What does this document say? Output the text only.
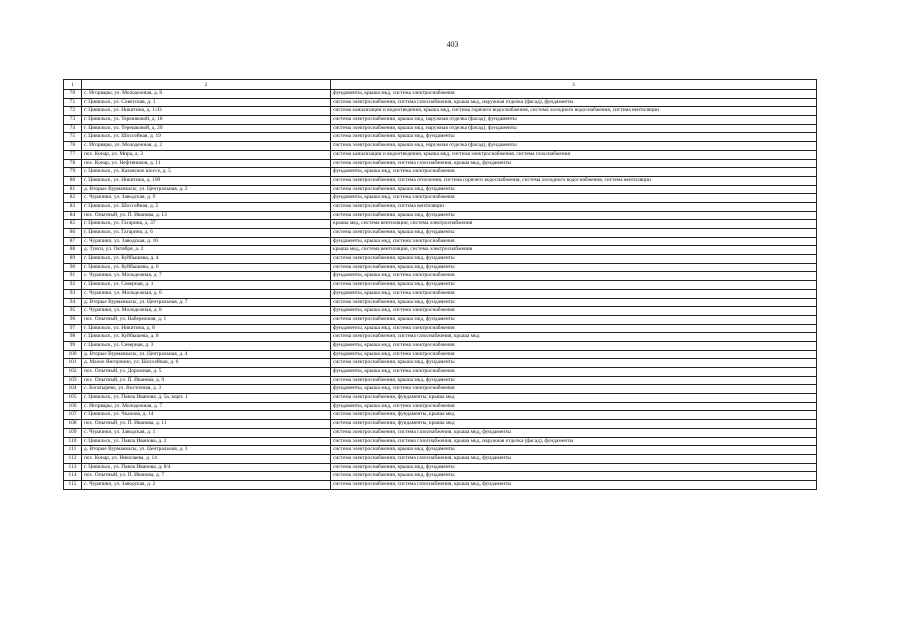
403
1	2	3
70	с. Игорвары, ул. Молодежная, д. 8	фундаменты, крыша мкд, система электроснабжения
71	г. Цивильск, ул. Советская, д. 1	система электроснабжения, система газоснабжения, крыша мкд, наружная отделка (фасад), фундаменты
72	г. Цивильск, ул. Никитина, д. 1/43	система канализации и водоотведения, крыша мкд, система горячего водоснабжения, система холодного водоснабжения, система вентиляции
73	г. Цивильск, ул. Терешковой, д. 18	система электроснабжения, крыша мкд, наружная отделка (фасад), фундаменты
74	г. Цивильск, ул. Терешковой, д. 20	система электроснабжения, крыша мкд, наружная отделка (фасад), фундаменты
75	г. Цивильск, ул. Шоссейная, д. 19	система электроснабжения, крыша мкд, фундаменты
76	с. Игорвары, ул. Молодежная, д. 2	система электроснабжения, крыша мкд, наружная отделка (фасад), фундаменты
77	пос. Конар, ул. Мира, д. 3	система канализации и водоотведения, крыша мкд, система электроснабжения, система газоснабжения
78	пос. Конар, ул. Нефтяников, д. 11	система электроснабжения, система газоснабжения, крыша мкд, фундаменты
79	г. Цивильск, ул. Казанское шоссе, д. 5	фундаменты, крыша мкд, система электроснабжения
80	г. Цивильск, ул. Никитина, д. 100	система электроснабжения, система отопления, система горячего водоснабжения, система холодного водоснабжения, система вентиляции
81	д. Вторые Вурманкасы, ул. Центральная, д. 2	система электроснабжения, крыша мкд, фундаменты
82	с. Чурачики, ул. Заводская, д. 9	фундаменты, крыша мкд, система электроснабжения
83	г. Цивильск, ул. Шоссейная, д. 5	система электроснабжения, система вентиляции
84	пос. Опытный, ул. П. Иванова, д. 13	система электроснабжения, крыша мкд, фундаменты
85	г. Цивильск, ул. Гагарина, д. 37	крыша мкд, система вентиляции, система электроснабжения
86	г. Цивильск, ул. Гагарина, д. 6	система электроснабжения, крыша мкд, фундаменты
87	с. Чурачики, ул. Заводская, д. 10	фундаменты, крыша мкд, система электроснабжения
88	д. Тувси, ул. Октября, д. 2	крыша мкд, система вентиляции, система электроснабжения
89	г. Цивильск, ул. Куйбышева, д. 4	система электроснабжения, крыша мкд, фундаменты
90	г. Цивильск, ул. Куйбышева, д. 6	система электроснабжения, крыша мкд, фундаменты
91	с. Чурачики, ул. Молодежная, д. 7	фундаменты, крыша мкд, система электроснабжения
92	г. Цивильск, ул. Северная, д. 1	система электроснабжения, крыша мкд, фундаменты
93	с. Чурачики, ул. Молодежная, д. 6	фундаменты, крыша мкд, система электроснабжения
94	д. Вторые Вурманкасы, ул. Центральная, д. 7	система электроснабжения, крыша мкд, фундаменты
95	с. Чурачики, ул. Молодежная, д. 8	фундаменты, крыша мкд, система электроснабжения
96	пос. Опытный, ул. Набережная, д. 1	система электроснабжения, крыша мкд, фундаменты
97	г. Цивильск, ул. Никитина, д. 8	фундаменты, крыша мкд, система электроснабжения
98	г. Цивильск, ул. Куйбышева, д. 8	система электроснабжения, система газоснабжения, крыша мкд
99	г. Цивильск, ул. Северная, д. 3	фундаменты, крыша мкд, система электроснабжения
100	д. Вторые Вурманкасы, ул. Центральная, д. 4	фундаменты, крыша мкд, система электроснабжения
101	д. Малое Янгорчино, ул. Шоссейная, д. 6	система электроснабжения, крыша мкд, фундаменты
102	пос. Опытный, ул. Дорожная, д. 5	фундаменты, крыша мкд, система электроснабжения
103	пос. Опытный, ул. П. Иванова, д. 9	система электроснабжения, крыша мкд, фундаменты
104	с. Богатырево, ул. Восточная, д. 3	фундаменты, крыша мкд, система электроснабжения
105	г. Цивильск, ул. Павла Иванова, д. 5а, корп. 1	система электроснабжения, фундаменты, крыша мкд
106	с. Игорвары, ул. Молодежная, д. 7	фундаменты, крыша мкд, система электроснабжения
107	г. Цивильск, ул. Чкалова, д. 14	система электроснабжения, фундаменты, крыша мкд
108	пос. Опытный, ул. П. Иванова, д. 11	система электроснабжения, фундаменты, крыша мкд
109	с. Чурачики, ул. Заводская, д. 1	система электроснабжения, система газоснабжения, крыша мкд, фундаменты
110	г. Цивильск, ул. Павла Иванова, д. 2	система электроснабжения, система газоснабжения, крыша мкд, наружная отделка (фасад), фундаменты
111	д. Вторые Вурманкасы, ул. Центральная, д. 3	система электроснабжения, крыша мкд, фундаменты
112	пос. Конар, ул. Николаева, д. 14	система электроснабжения, система газоснабжения, крыша мкд, фундаменты
113	г. Цивильск, ул. Павла Иванова, д. 8/4	система электроснабжения, крыша мкд, фундаменты
114	пос. Опытный, ул. П. Иванова, д. 7	система электроснабжения, крыша мкд, фундаменты
115	с. Чурачики, ул. Заводская, д. 2	система электроснабжения, система газоснабжения, крыша мкд, фундаменты
